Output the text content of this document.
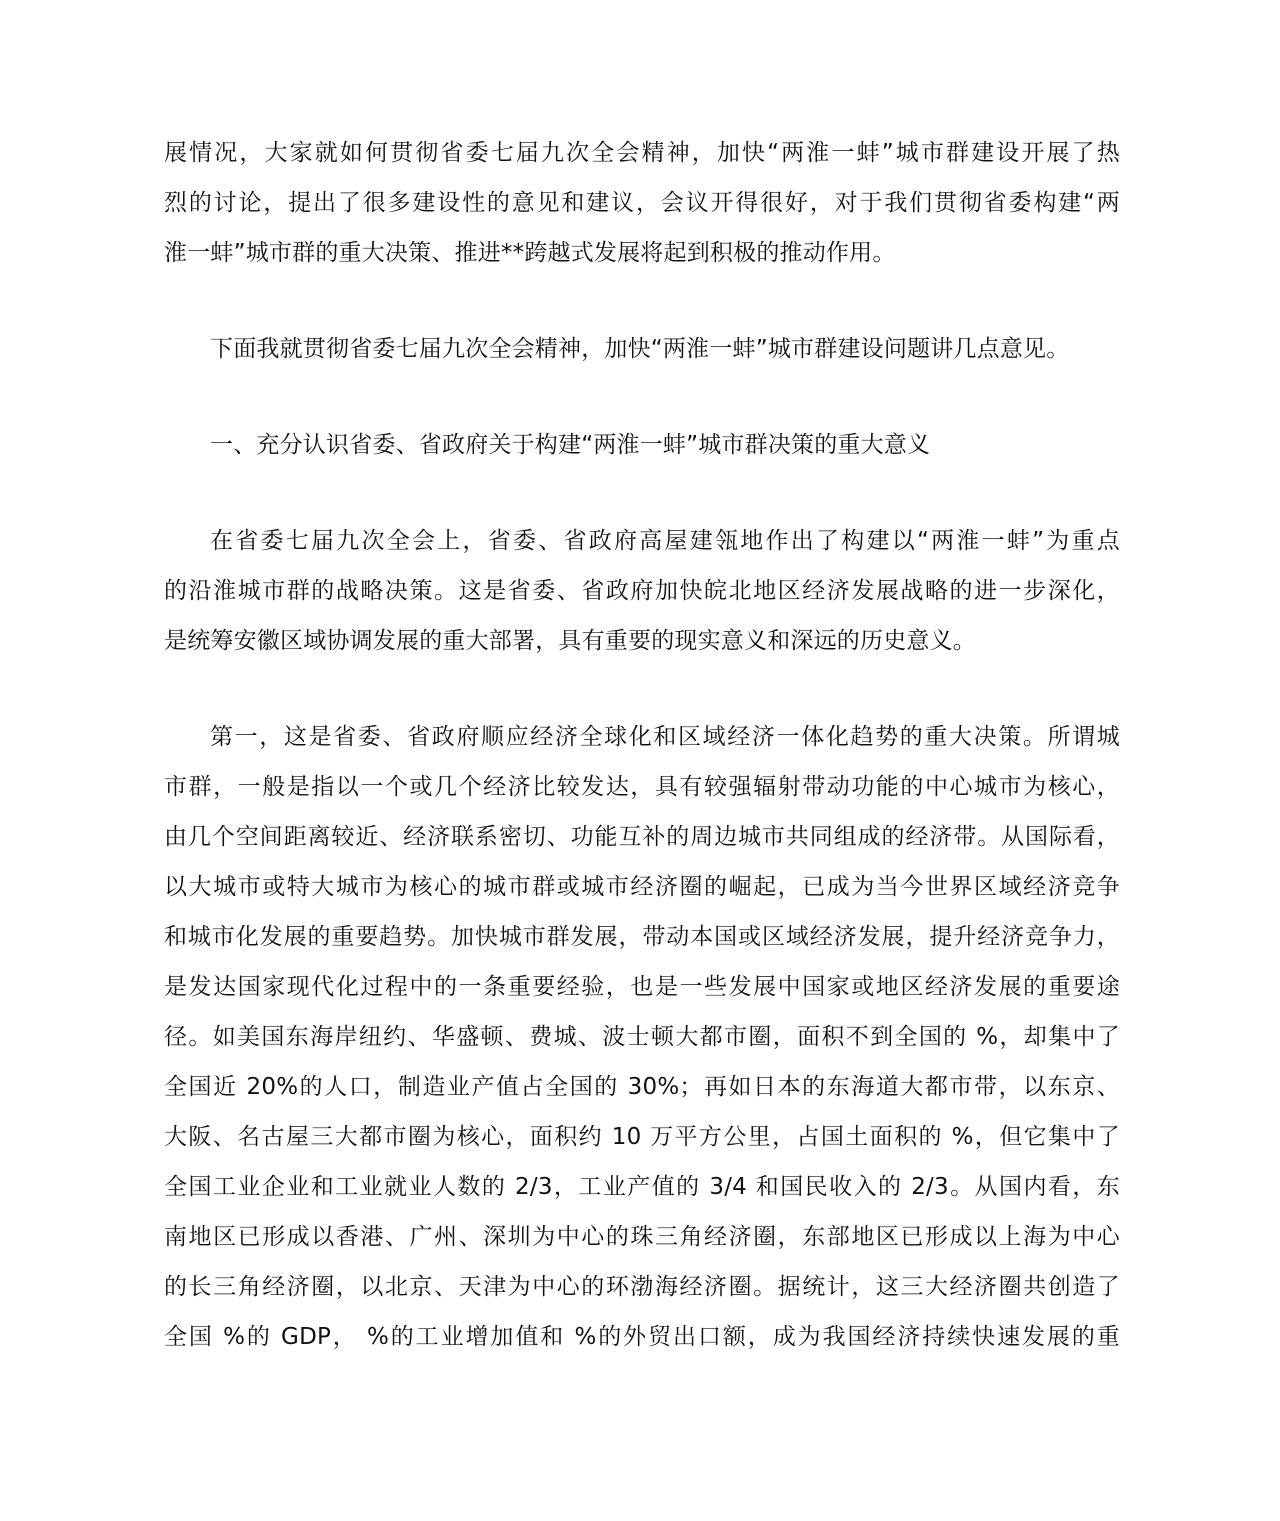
展情况，大家就如何贯彻省委七届九次全会精神，加快“两淮一蚌”城市群建设开展了热
烈的讨论，提出了很多建设性的意见和建议，会议开得很好，对于我们贯彻省委构建“两
淮一蚌”城市群的重大决策、推进**跨越式发展将起到积极的推动作用。
下面我就贯彻省委七届九次全会精神，加快“两淮一蚌”城市群建设问题讲几点意见。
一、充分认识省委、省政府关于构建“两淮一蚌”城市群决策的重大意义
在省委七届九次全会上，省委、省政府高屋建瓴地作出了构建以“两淮一蚌”为重点
的沿淮城市群的战略决策。这是省委、省政府加快皖北地区经济发展战略的进一步深化，
是统筹安徽区域协调发展的重大部署，具有重要的现实意义和深远的历史意义。
第一，这是省委、省政府顺应经济全球化和区域经济一体化趋势的重大决策。所谓城
市群，一般是指以一个或几个经济比较发达，具有较强辐射带动功能的中心城市为核心，
由几个空间距离较近、经济联系密切、功能互补的周边城市共同组成的经济带。从国际看，
以大城市或特大城市为核心的城市群或城市经济圈的崛起，已成为当今世界区域经济竞争
和城市化发展的重要趋势。加快城市群发展，带动本国或区域经济发展，提升经济竞争力，
是发达国家现代化过程中的一条重要经验，也是一些发展中国家或地区经济发展的重要途
径。如美国东海岸纽约、华盛顿、费城、波士顿大都市圈，面积不到全国的 %，却集中了
全国近 20%的人口，制造业产值占全国的 30%；再如日本的东海道大都市带，以东京、
大阪、名古屋三大都市圈为核心，面积约 10 万平方公里，占国土面积的 %，但它集中了
全国工业企业和工业就业人数的 2/3，工业产值的 3/4 和国民收入的 2/3。从国内看，东
南地区已形成以香港、广州、深圳为中心的珠三角经济圈，东部地区已形成以上海为中心
的长三角经济圈，以北京、天津为中心的环渤海经济圈。据统计，这三大经济圈共创造了
全国 %的 GDP， %的工业增加值和 %的外贸出口额，成为我国经济持续快速发展的重
